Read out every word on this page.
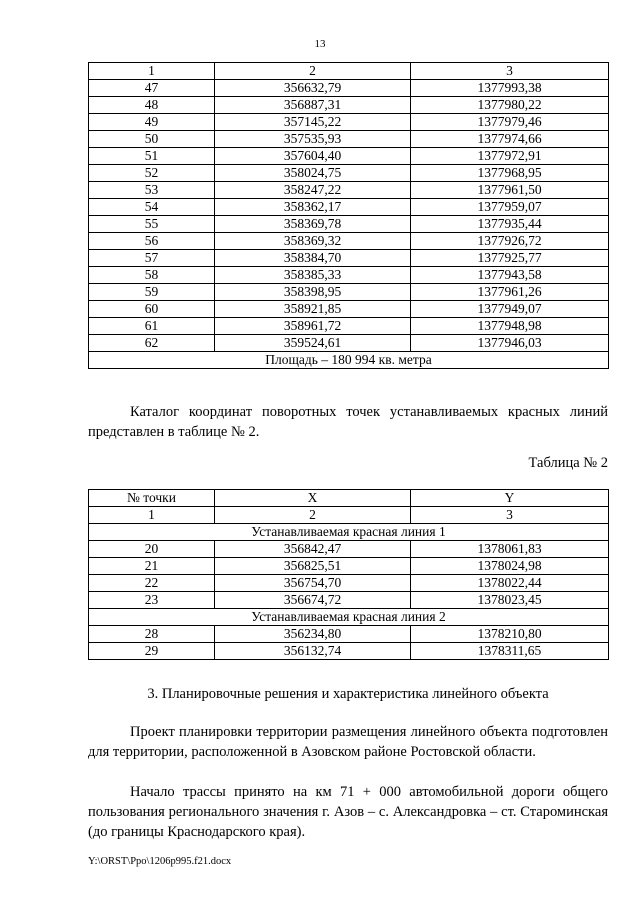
13
1	2	3
47	356632,79	1377993,38
48	356887,31	1377980,22
49	357145,22	1377979,46
50	357535,93	1377974,66
51	357604,40	1377972,91
52	358024,75	1377968,95
53	358247,22	1377961,50
54	358362,17	1377959,07
55	358369,78	1377935,44
56	358369,32	1377926,72
57	358384,70	1377925,77
58	358385,33	1377943,58
59	358398,95	1377961,26
60	358921,85	1377949,07
61	358961,72	1377948,98
62	359524,61	1377946,03
Площадь – 180 994 кв. метра		

Каталог координат поворотных точек устанавливаемых красных линий представлен в таблице № 2.

Таблица № 2
№ точки	X	Y
1	2	3
Устанавливаемая красная линия 1		
20	356842,47	1378061,83
21	356825,51	1378024,98
22	356754,70	1378022,44
23	356674,72	1378023,45
Устанавливаемая красная линия 2		
28	356234,80	1378210,80
29	356132,74	1378311,65
3. Планировочные решения и характеристика линейного объекта

Проект планировки территории размещения линейного объекта подготовлен для территории, расположенной в Азовском районе Ростовской области.

Начало трассы принято на км 71 + 000 автомобильной дороги общего пользования регионального значения г. Азов – с. Александровка – ст. Староминская (до границы Краснодарского края).

Y:\ORST\Ppo\1206p995.f21.docx
